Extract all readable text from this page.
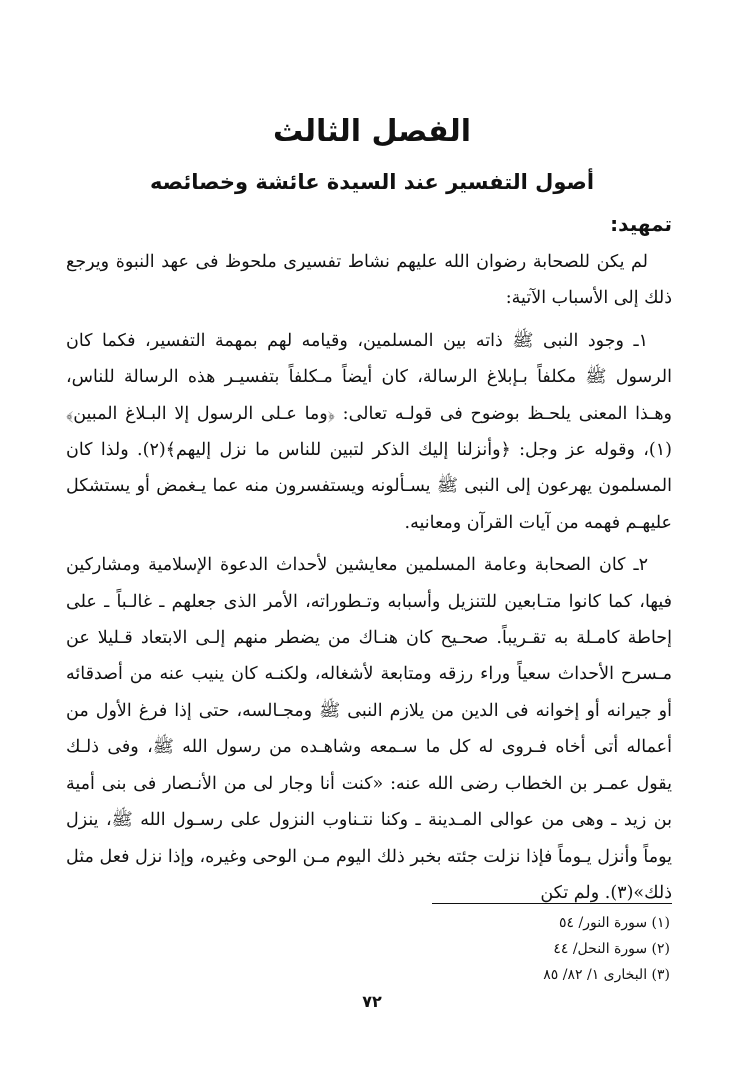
الفصل الثالث
أصول التفسير عند السيدة عائشة وخصائصه
تمهيد:

لم يكن للصحابة رضوان الله عليهم نشاط تفسيرى ملحوظ فى عهد النبوة ويرجع ذلك إلى الأسباب الآتية:

١ـ وجود النبى ﷺ ذاته بين المسلمين، وقيامه لهم بمهمة التفسير، فكما كان الرسول ﷺ مكلفاً بـإبلاغ الرسالة، كان أيضاً مـكلفاً بتفسيـر هذه الرسالة للناس، وهـذا المعنى يلحـظ بوضوح فى قولـه تعالى: ﴿وما عـلى الرسول إلا البـلاغ المبين﴾(١)، وقوله عز وجل: ﴿وأنزلنا إليك الذكر لتبين للناس ما نزل إليهم﴾(٢). ولذا كان المسلمون يهرعون إلى النبى ﷺ يسـألونه ويستفسرون منه عما يـغمض أو يستشكل عليهـم فهمه من آيات القرآن ومعانيه.

٢ـ كان الصحابة وعامة المسلمين معايشين لأحداث الدعوة الإسلامية ومشاركين فيها، كما كانوا متـابعين للتنزيل وأسبابه وتـطوراته، الأمر الذى جعلهم ـ غالـباً ـ على إحاطة كامـلة به تقـريباً. صحـيح كان هنـاك من يضطر منهم إلـى الابتعاد قـليلا عن مـسرح الأحداث سعياً وراء رزقه ومتابعة لأشغاله، ولكنـه كان ينيب عنه من أصدقائه أو جيرانه أو إخوانه فى الدين من يلازم النبى ﷺ ومجـالسه، حتى إذا فرغ الأول من أعماله أتى أخاه فـروى له كل ما سـمعه وشاهـده من رسول الله ﷺ، وفى ذلـك يقول عمـر بن الخطاب رضى الله عنه: «كنت أنا وجار لى من الأنـصار فى بنى أمية بن زيد ـ وهى من عوالى المـدينة ـ وكنا نتـناوب النزول على رسـول الله ﷺ، ينزل يوماً وأنزل يـوماً فإذا نزلت جئته بخبر ذلك اليوم مـن الوحى وغيره، وإذا نزل فعل مثل ذلك»(٣). ولم تكن

(١) سورة النور/ ٥٤
(٢) سورة النحل/ ٤٤
(٣) البخارى ١/ ٨٢/ ٨٥
٧٢
